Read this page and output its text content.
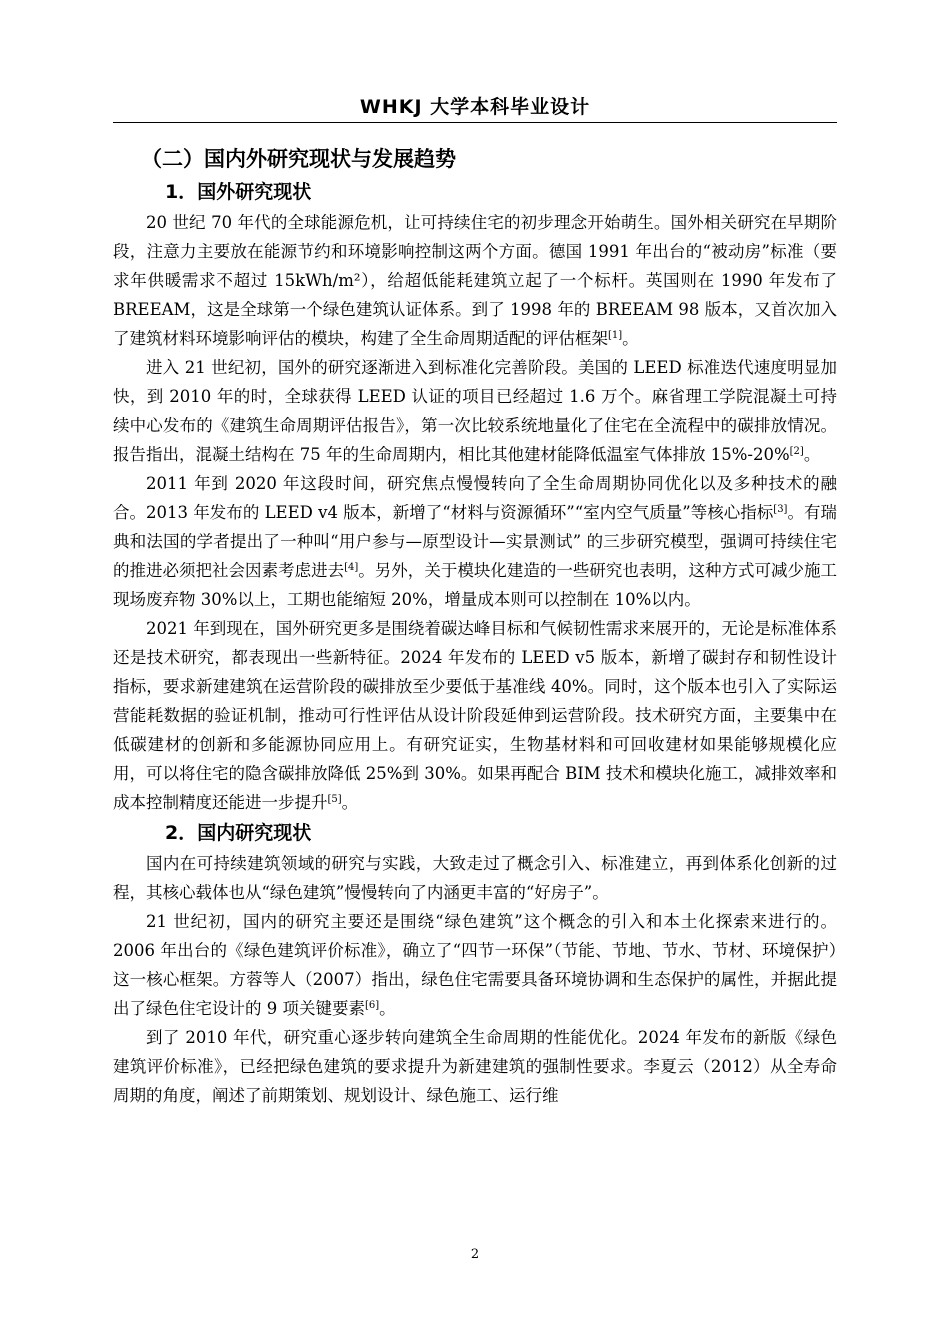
WHKJ 大学本科毕业设计
（二）国内外研究现状与发展趋势
1．国外研究现状

20 世纪 70 年代的全球能源危机，让可持续住宅的初步理念开始萌生。国外相关研究在早期阶段，注意力主要放在能源节约和环境影响控制这两个方面。德国 1991 年出台的“被动房”标准（要求年供暖需求不超过 15kWh/m²），给超低能耗建筑立起了一个标杆。英国则在 1990 年发布了 BREEAM，这是全球第一个绿色建筑认证体系。到了 1998 年的 BREEAM 98 版本，又首次加入了建筑材料环境影响评估的模块，构建了全生命周期适配的评估框架[1]。

进入 21 世纪初，国外的研究逐渐进入到标准化完善阶段。美国的 LEED 标准迭代速度明显加快，到 2010 年的时，全球获得 LEED 认证的项目已经超过 1.6 万个。麻省理工学院混凝土可持续中心发布的《建筑生命周期评估报告》，第一次比较系统地量化了住宅在全流程中的碳排放情况。报告指出，混凝土结构在 75 年的生命周期内，相比其他建材能降低温室气体排放 15%-20%[2]。

2011 年到 2020 年这段时间，研究焦点慢慢转向了全生命周期协同优化以及多种技术的融合。2013 年发布的 LEED v4 版本，新增了“材料与资源循环”“室内空气质量”等核心指标[3]。有瑞典和法国的学者提出了一种叫“用户参与—原型设计—实景测试” 的三步研究模型，强调可持续住宅的推进必须把社会因素考虑进去[4]。另外，关于模块化建造的一些研究也表明，这种方式可减少施工现场废弃物 30%以上，工期也能缩短 20%，增量成本则可以控制在 10%以内。

2021 年到现在，国外研究更多是围绕着碳达峰目标和气候韧性需求来展开的，无论是标准体系还是技术研究，都表现出一些新特征。2024 年发布的 LEED v5 版本，新增了碳封存和韧性设计指标，要求新建建筑在运营阶段的碳排放至少要低于基准线 40%。同时，这个版本也引入了实际运营能耗数据的验证机制，推动可行性评估从设计阶段延伸到运营阶段。技术研究方面，主要集中在低碳建材的创新和多能源协同应用上。有研究证实，生物基材料和可回收建材如果能够规模化应用，可以将住宅的隐含碳排放降低 25%到 30%。如果再配合 BIM 技术和模块化施工，减排效率和成本控制精度还能进一步提升[5]。

2．国内研究现状

国内在可持续建筑领域的研究与实践，大致走过了概念引入、标准建立，再到体系化创新的过程，其核心载体也从“绿色建筑”慢慢转向了内涵更丰富的“好房子”。

21 世纪初，国内的研究主要还是围绕“绿色建筑”这个概念的引入和本土化探索来进行的。2006 年出台的《绿色建筑评价标准》，确立了“四节一环保”（节能、节地、节水、节材、环境保护）这一核心框架。方蓉等人（2007）指出，绿色住宅需要具备环境协调和生态保护的属性，并据此提出了绿色住宅设计的 9 项关键要素[6]。

到了 2010 年代，研究重心逐步转向建筑全生命周期的性能优化。2024 年发布的新版《绿色建筑评价标准》，已经把绿色建筑的要求提升为新建建筑的强制性要求。李夏云（2012）从全寿命周期的角度，阐述了前期策划、规划设计、绿色施工、运行维

2
